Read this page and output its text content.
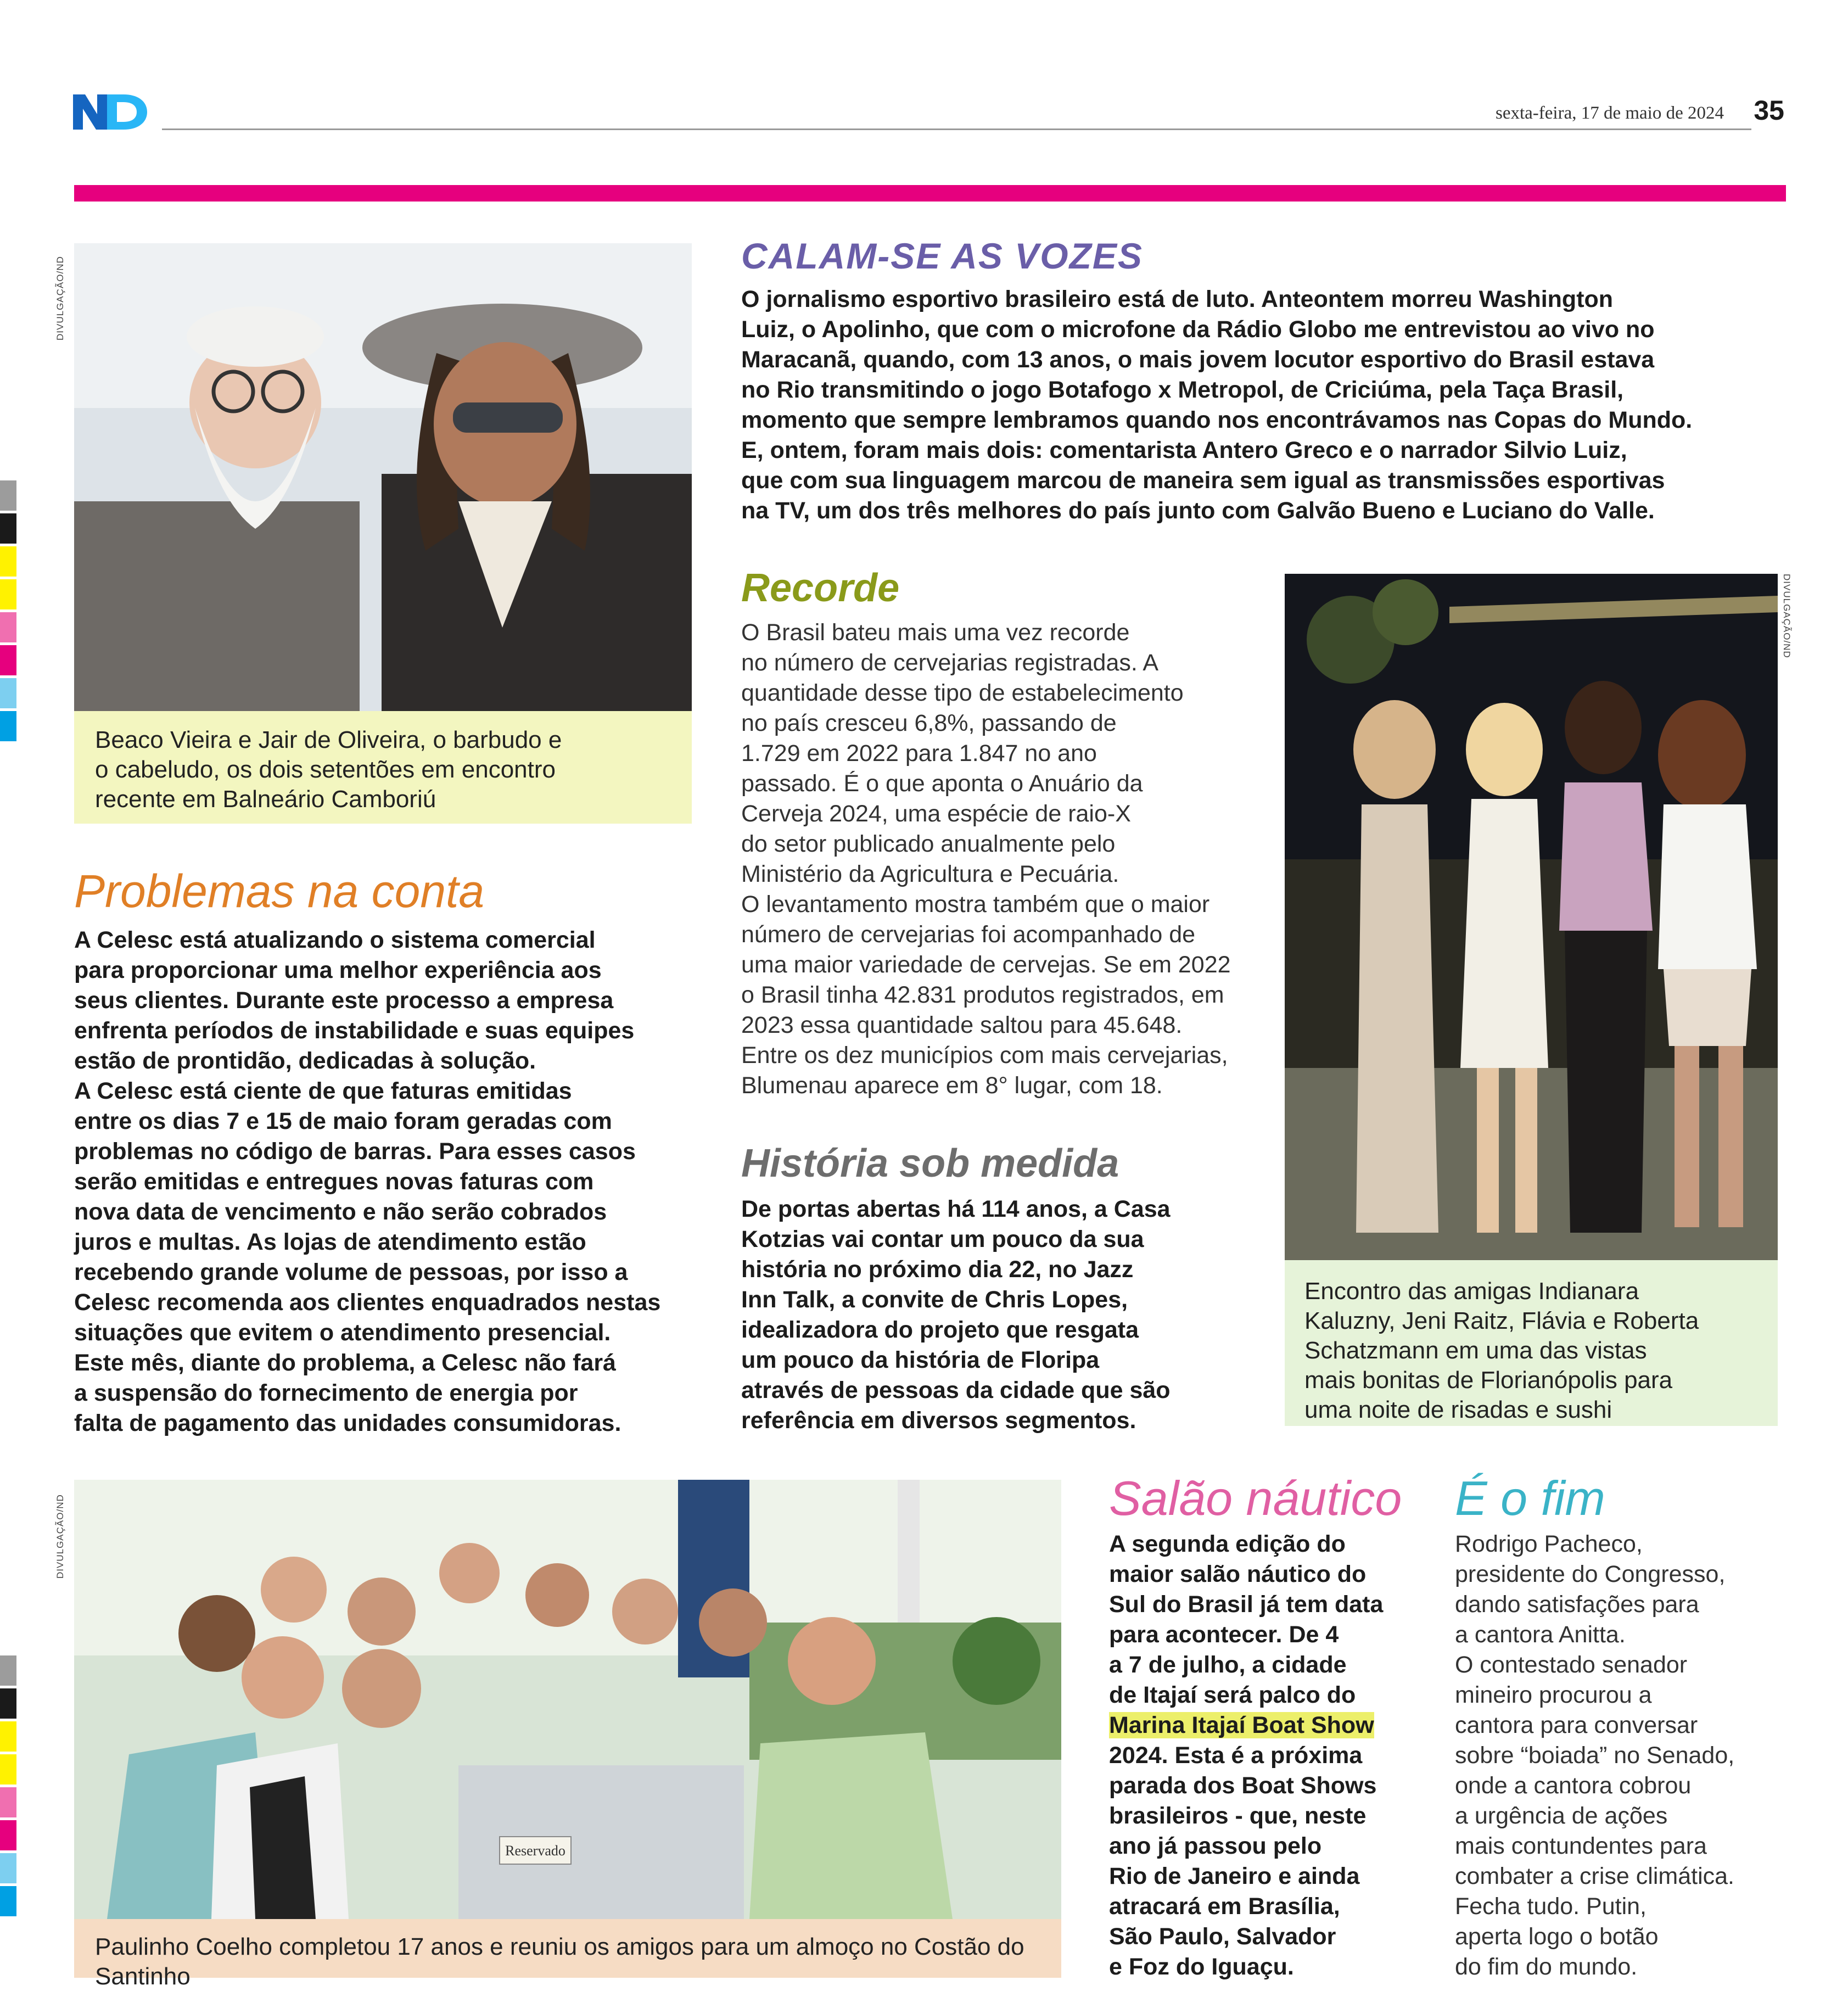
sexta-feira, 17 de maio de 2024	35
DIVULGAÇÃO/ND
DIVULGAÇÃO/ND
DIVULGAÇÃO/ND
Beaco Vieira e Jair de Oliveira, o barbudo e
o cabeludo, os dois setentões em encontro
recente em Balneário Camboriú
CALAM-SE AS VOZES

O jornalismo esportivo brasileiro está de luto. Anteontem morreu Washington

Luiz, o Apolinho, que com o microfone da Rádio Globo me entrevistou ao vivo no

Maracanã, quando, com 13 anos, o mais jovem locutor esportivo do Brasil estava

no Rio transmitindo o jogo Botafogo x Metropol, de Criciúma, pela Taça Brasil,

momento que sempre lembramos quando nos encontrávamos nas Copas do Mundo.

E, ontem, foram mais dois: comentarista Antero Greco e o narrador Silvio Luiz,

que com sua linguagem marcou de maneira sem igual as transmissões esportivas

na TV, um dos três melhores do país junto com Galvão Bueno e Luciano do Valle.

Recorde

O Brasil bateu mais uma vez recorde

no número de cervejarias registradas. A

quantidade desse tipo de estabelecimento

no país cresceu 6,8%, passando de

1.729 em 2022 para 1.847 no ano

passado. É o que aponta o Anuário da

Cerveja 2024, uma espécie de raio-X

do setor publicado anualmente pelo

Ministério da Agricultura e Pecuária.

O levantamento mostra também que o maior

número de cervejarias foi acompanhado de

uma maior variedade de cervejas. Se em 2022

o Brasil tinha 42.831 produtos registrados, em

2023 essa quantidade saltou para 45.648.

Entre os dez municípios com mais cervejarias,

Blumenau aparece em 8° lugar, com 18.

História sob medida

De portas abertas há 114 anos, a Casa

Kotzias vai contar um pouco da sua

história no próximo dia 22, no Jazz

Inn Talk, a convite de Chris Lopes,

idealizadora do projeto que resgata

um pouco da história de Floripa

através de pessoas da cidade que são

referência em diversos segmentos.

Problemas na conta

A Celesc está atualizando o sistema comercial

para proporcionar uma melhor experiência aos

seus clientes. Durante este processo a empresa

enfrenta períodos de instabilidade e suas equipes

estão de prontidão, dedicadas à solução.

A Celesc está ciente de que faturas emitidas

entre os dias 7 e 15 de maio foram geradas com

problemas no código de barras. Para esses casos

serão emitidas e entregues novas faturas com

nova data de vencimento e não serão cobrados

juros e multas. As lojas de atendimento estão

recebendo grande volume de pessoas, por isso a

Celesc recomenda aos clientes enquadrados nestas

situações que evitem o atendimento presencial.

Este mês, diante do problema, a Celesc não fará

a suspensão do fornecimento de energia por

falta de pagamento das unidades consumidoras.

Encontro das amigas Indianara
Kaluzny, Jeni Raitz, Flávia e Roberta
Schatzmann em uma das vistas
mais bonitas de Florianópolis para
uma noite de risadas e sushi
Reservado
Paulinho Coelho completou 17 anos e reuniu os amigos para um almoço no Costão do Santinho
Salão náutico

A segunda edição do

maior salão náutico do

Sul do Brasil já tem data

para acontecer. De 4

a 7 de julho, a cidade

de Itajaí será palco do

Marina Itajaí Boat Show

2024. Esta é a próxima

parada dos Boat Shows

brasileiros - que, neste

ano já passou pelo

Rio de Janeiro e ainda

atracará em Brasília,

São Paulo, Salvador

e Foz do Iguaçu.

É o fim

Rodrigo Pacheco,

presidente do Congresso,

dando satisfações para

a cantora Anitta.

O contestado senador

mineiro procurou a

cantora para conversar

sobre “boiada” no Senado,

onde a cantora cobrou

a urgência de ações

mais contundentes para

combater a crise climática.

Fecha tudo. Putin,

aperta logo o botão

do fim do mundo.
